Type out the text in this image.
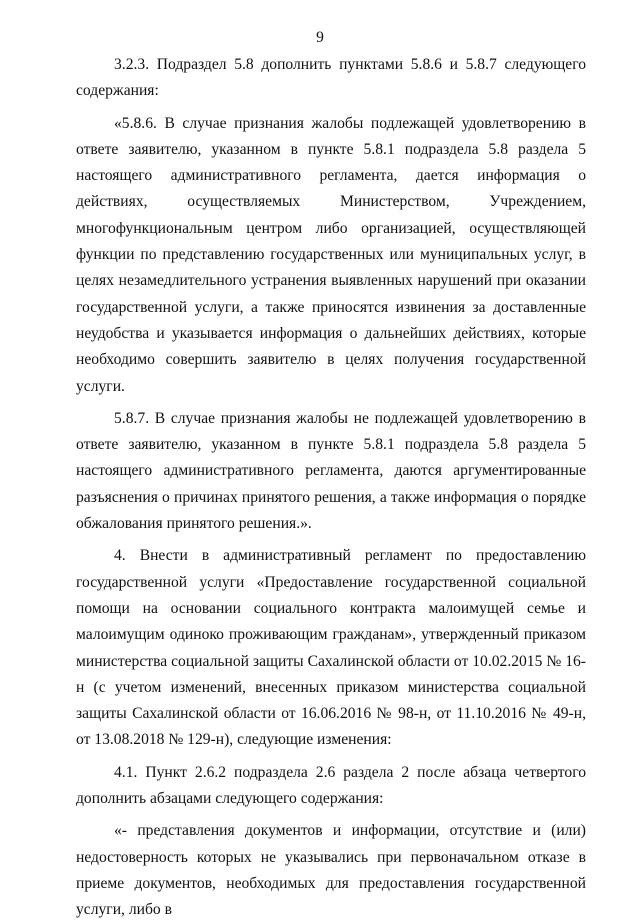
9

3.2.3. Подраздел 5.8 дополнить пунктами 5.8.6 и 5.8.7 следующего содержания:

«5.8.6. В случае признания жалобы подлежащей удовлетворению в ответе заявителю, указанном в пункте 5.8.1 подраздела 5.8 раздела 5 настоящего административного регламента, дается информация о действиях, осуществляемых Министерством, Учреждением, многофункциональным центром либо организацией, осуществляющей функции по представлению государственных или муниципальных услуг, в целях незамедлительного устранения выявленных нарушений при оказании государственной услуги, а также приносятся извинения за доставленные неудобства и указывается информация о дальнейших действиях, которые необходимо совершить заявителю в целях получения государственной услуги.

5.8.7. В случае признания жалобы не подлежащей удовлетворению в ответе заявителю, указанном в пункте 5.8.1 подраздела 5.8 раздела 5 настоящего административного регламента, даются аргументированные разъяснения о причинах принятого решения, а также информация о порядке обжалования принятого решения.».

4. Внести в административный регламент по предоставлению государственной услуги «Предоставление государственной социальной помощи на основании социального контракта малоимущей семье и малоимущим одиноко проживающим гражданам», утвержденный приказом министерства социальной защиты Сахалинской области от 10.02.2015 № 16-н (с учетом изменений, внесенных приказом министерства социальной защиты Сахалинской области от 16.06.2016 № 98-н, от 11.10.2016 № 49-н, от 13.08.2018 № 129-н), следующие изменения:

4.1. Пункт 2.6.2 подраздела 2.6 раздела 2 после абзаца четвертого дополнить абзацами следующего содержания:

«- представления документов и информации, отсутствие и (или) недостоверность которых не указывались при первоначальном отказе в приеме документов, необходимых для предоставления государственной услуги, либо в
